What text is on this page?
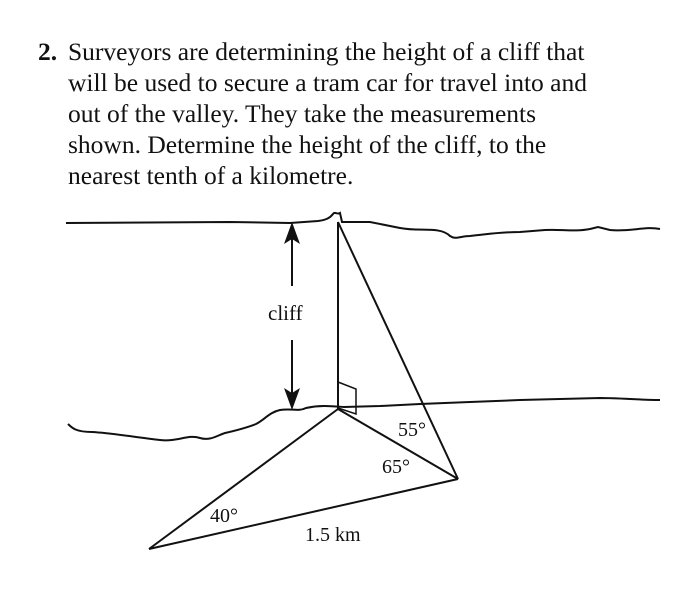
2. Surveyors are determining the height of a cliff that
will be used to secure a tram car for travel into and
out of the valley. They take the measurements
shown. Determine the height of the cliff, to the
nearest tenth of a kilometre.
cliff
55°
65°
40°
1.5 km
